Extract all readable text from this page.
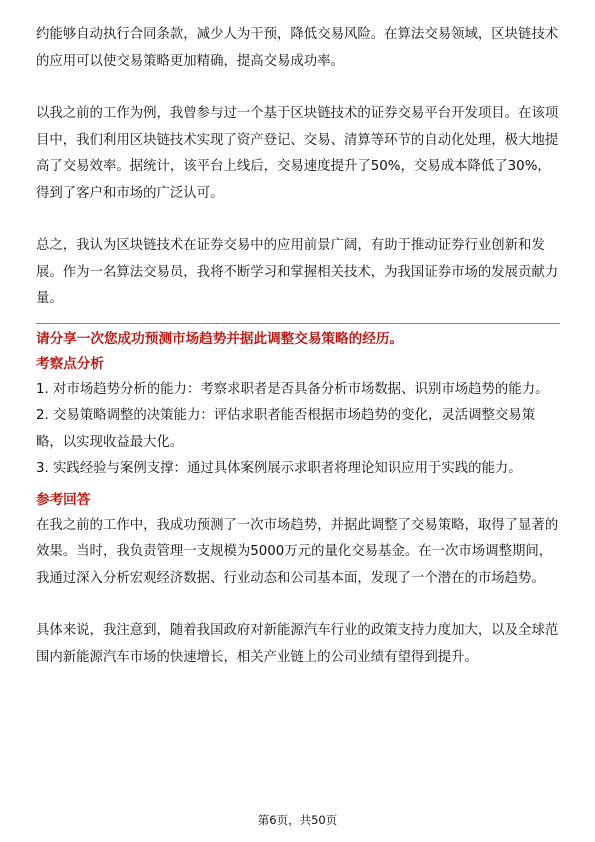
约能够自动执行合同条款，减少人为干预，降低交易风险。在算法交易领域，区块链技术的应用可以使交易策略更加精确，提高交易成功率。

以我之前的工作为例，我曾参与过一个基于区块链技术的证券交易平台开发项目。在该项目中，我们利用区块链技术实现了资产登记、交易、清算等环节的自动化处理，极大地提高了交易效率。据统计，该平台上线后，交易速度提升了50%，交易成本降低了30%，得到了客户和市场的广泛认可。

总之，我认为区块链技术在证券交易中的应用前景广阔，有助于推动证券行业创新和发展。作为一名算法交易员，我将不断学习和掌握相关技术，为我国证券市场的发展贡献力量。

请分享一次您成功预测市场趋势并据此调整交易策略的经历。

考察点分析

1. 对市场趋势分析的能力：考察求职者是否具备分析市场数据、识别市场趋势的能力。

2. 交易策略调整的决策能力：评估求职者能否根据市场趋势的变化，灵活调整交易策略，以实现收益最大化。

3. 实践经验与案例支撑：通过具体案例展示求职者将理论知识应用于实践的能力。

参考回答

在我之前的工作中，我成功预测了一次市场趋势，并据此调整了交易策略，取得了显著的效果。当时，我负责管理一支规模为5000万元的量化交易基金。在一次市场调整期间，我通过深入分析宏观经济数据、行业动态和公司基本面，发现了一个潜在的市场趋势。

具体来说，我注意到，随着我国政府对新能源汽车行业的政策支持力度加大，以及全球范围内新能源汽车市场的快速增长，相关产业链上的公司业绩有望得到提升。

第6页，共50页
